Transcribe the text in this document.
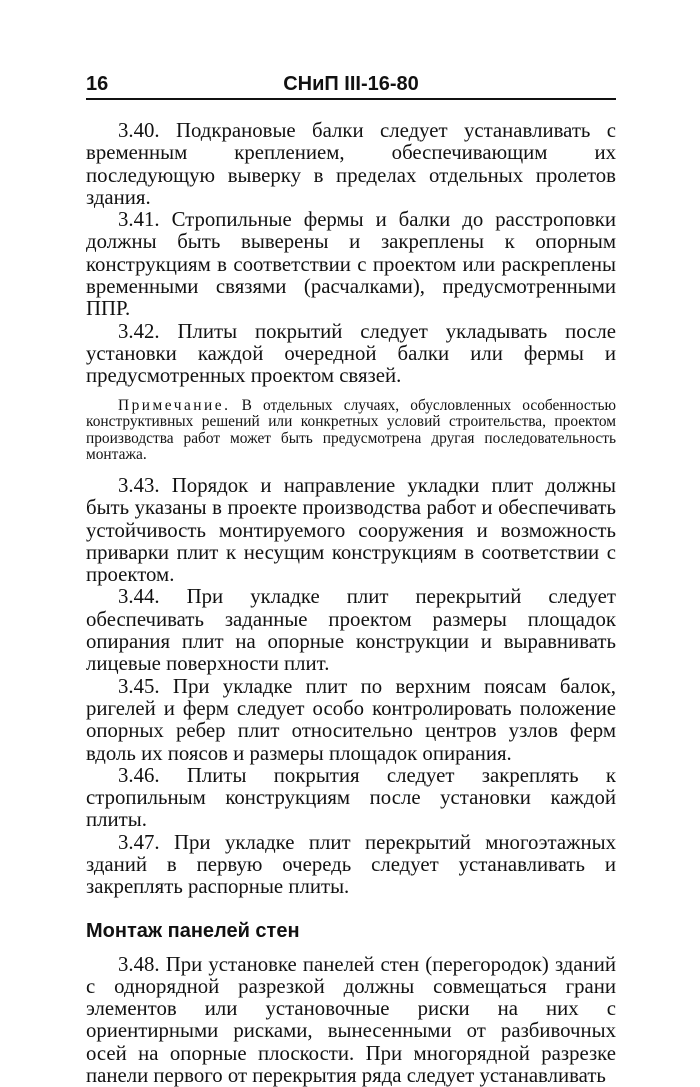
16	СНиП III-16-80

3.40. Подкрановые балки следует устанавливать с временным креплением, обеспечивающим их последующую выверку в пределах отдельных пролетов здания.

3.41. Стропильные фермы и балки до расстроповки должны быть выверены и закреплены к опорным конструкциям в соответствии с проектом или раскреплены временными связями (расчалками), предусмотренными ППР.

3.42. Плиты покрытий следует укладывать после установки каждой очередной балки или фермы и предусмотренных проектом связей.

Примечание. В отдельных случаях, обусловленных особенностью конструктивных решений или конкретных условий строительства, проектом производства работ может быть предусмотрена другая последовательность монтажа.

3.43. Порядок и направление укладки плит должны быть указаны в проекте производства работ и обеспечивать устойчивость монтируемого сооружения и возможность приварки плит к несущим конструкциям в соответствии с проектом.

3.44. При укладке плит перекрытий следует обеспечивать заданные проектом размеры площадок опирания плит на опорные конструкции и выравнивать лицевые поверхности плит.

3.45. При укладке плит по верхним поясам балок, ригелей и ферм следует особо контролировать положение опорных ребер плит относительно центров узлов ферм вдоль их поясов и размеры площадок опирания.

3.46. Плиты покрытия следует закреплять к стропильным конструкциям после установки каждой плиты.

3.47. При укладке плит перекрытий многоэтажных зданий в первую очередь следует устанавливать и закреплять распорные плиты.

Монтаж панелей стен

3.48. При установке панелей стен (перегородок) зданий с однорядной разрезкой должны совмещаться грани элементов или установочные риски на них с ориентирными рисками, вынесенными от разбивочных осей на опорные плоскости. При многорядной разрезке панели первого от перекрытия ряда следует устанавливать
